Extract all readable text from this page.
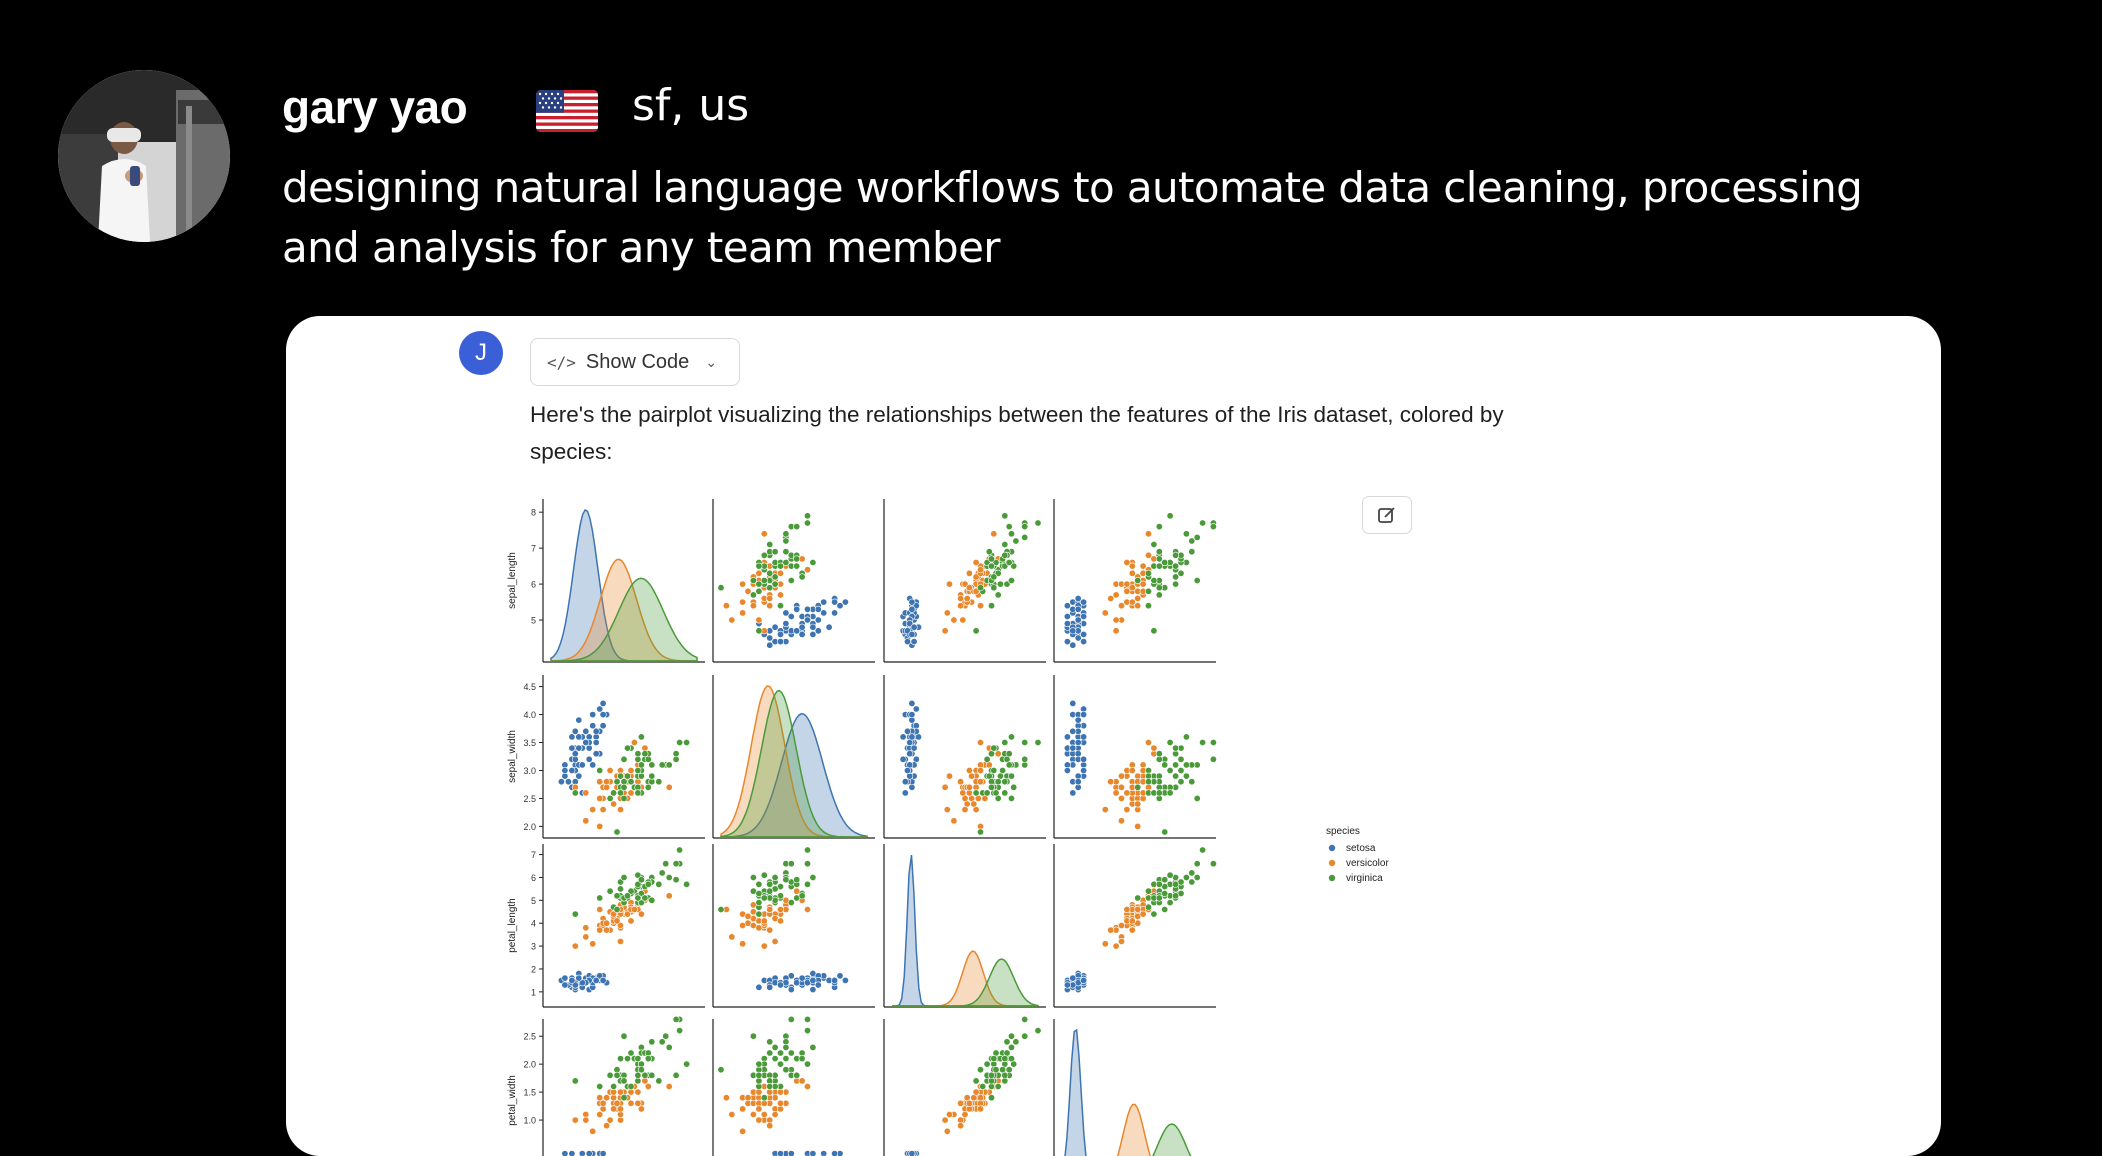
gary yao	sf, us
designing natural language workflows to automate data cleaning, processing and analysis for any team member
5
6
7
8
sepal_length
2.0
2.5
3.0
3.5
4.0
4.5
sepal_width
1
2
3
4
5
6
7
petal_length
1.0
1.5
2.0
2.5
petal_width
species
setosa
versicolor
virginica
J	</> Show Code ⌄
Here's the pairplot visualizing the relationships between the features of the Iris dataset, colored by species:
